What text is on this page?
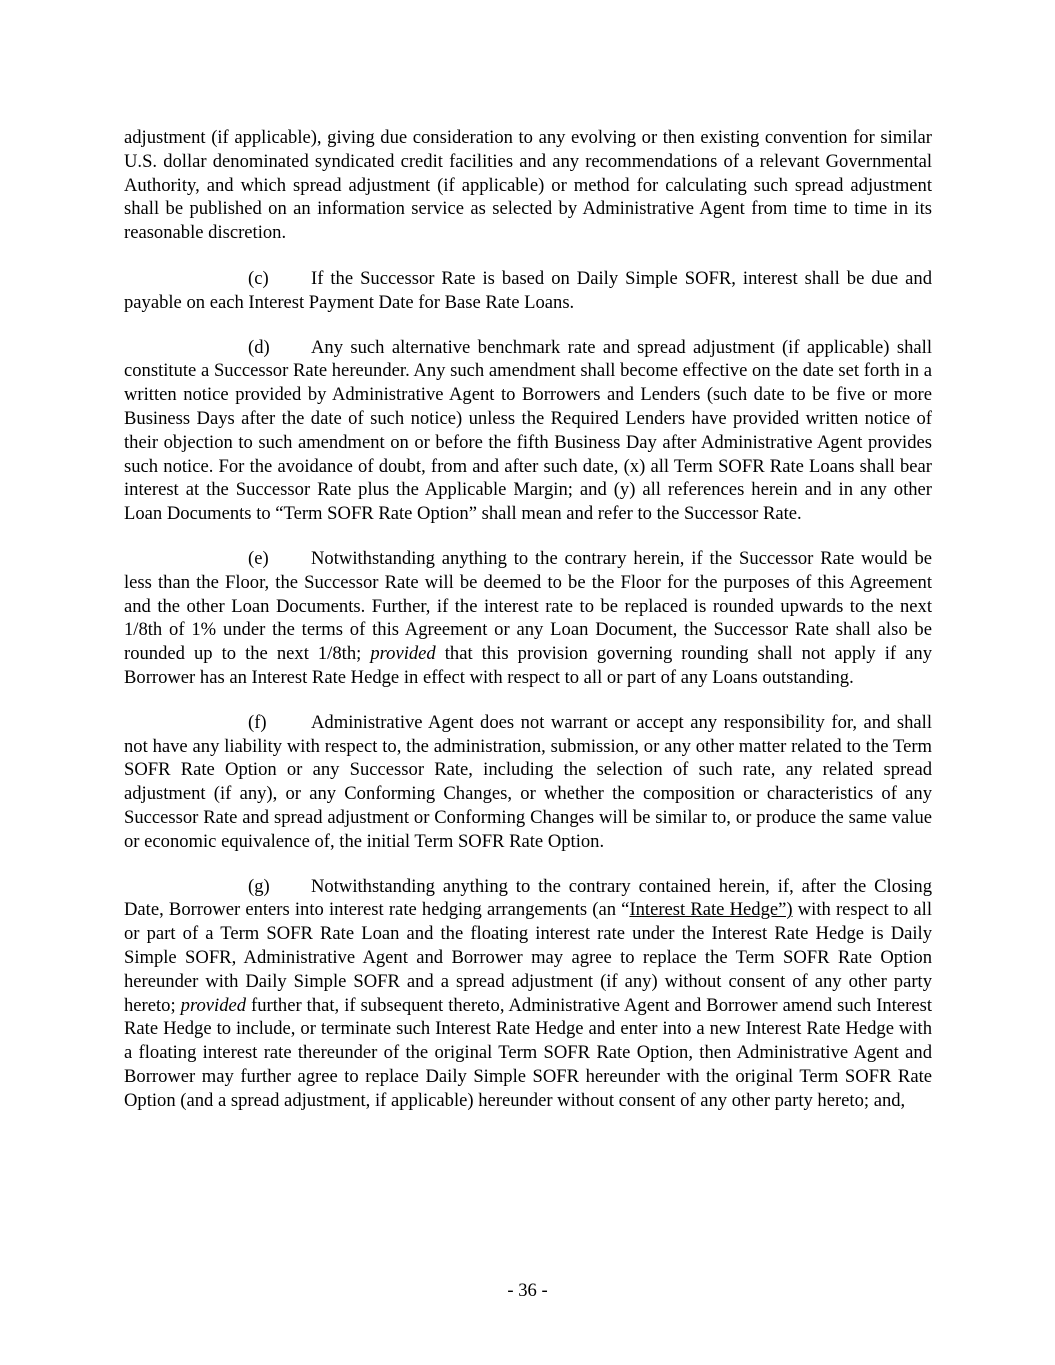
adjustment (if applicable), giving due consideration to any evolving or then existing convention for similar U.S. dollar denominated syndicated credit facilities and any recommendations of a relevant Governmental Authority, and which spread adjustment (if applicable) or method for calculating such spread adjustment shall be published on an information service as selected by Administrative Agent from time to time in its reasonable discretion.

(c) If the Successor Rate is based on Daily Simple SOFR, interest shall be due and payable on each Interest Payment Date for Base Rate Loans.

(d) Any such alternative benchmark rate and spread adjustment (if applicable) shall constitute a Successor Rate hereunder. Any such amendment shall become effective on the date set forth in a written notice provided by Administrative Agent to Borrowers and Lenders (such date to be five or more Business Days after the date of such notice) unless the Required Lenders have provided written notice of their objection to such amendment on or before the fifth Business Day after Administrative Agent provides such notice. For the avoidance of doubt, from and after such date, (x) all Term SOFR Rate Loans shall bear interest at the Successor Rate plus the Applicable Margin; and (y) all references herein and in any other Loan Documents to “Term SOFR Rate Option” shall mean and refer to the Successor Rate.

(e) Notwithstanding anything to the contrary herein, if the Successor Rate would be less than the Floor, the Successor Rate will be deemed to be the Floor for the purposes of this Agreement and the other Loan Documents. Further, if the interest rate to be replaced is rounded upwards to the next 1/8th of 1% under the terms of this Agreement or any Loan Document, the Successor Rate shall also be rounded up to the next 1/8th; provided that this provision governing rounding shall not apply if any Borrower has an Interest Rate Hedge in effect with respect to all or part of any Loans outstanding.

(f) Administrative Agent does not warrant or accept any responsibility for, and shall not have any liability with respect to, the administration, submission, or any other matter related to the Term SOFR Rate Option or any Successor Rate, including the selection of such rate, any related spread adjustment (if any), or any Conforming Changes, or whether the composition or characteristics of any Successor Rate and spread adjustment or Conforming Changes will be similar to, or produce the same value or economic equivalence of, the initial Term SOFR Rate Option.

(g) Notwithstanding anything to the contrary contained herein, if, after the Closing Date, Borrower enters into interest rate hedging arrangements (an “Interest Rate Hedge”) with respect to all or part of a Term SOFR Rate Loan and the floating interest rate under the Interest Rate Hedge is Daily Simple SOFR, Administrative Agent and Borrower may agree to replace the Term SOFR Rate Option hereunder with Daily Simple SOFR and a spread adjustment (if any) without consent of any other party hereto; provided further that, if subsequent thereto, Administrative Agent and Borrower amend such Interest Rate Hedge to include, or terminate such Interest Rate Hedge and enter into a new Interest Rate Hedge with a floating interest rate thereunder of the original Term SOFR Rate Option, then Administrative Agent and Borrower may further agree to replace Daily Simple SOFR hereunder with the original Term SOFR Rate Option (and a spread adjustment, if applicable) hereunder without consent of any other party hereto; and,

- 36 -
